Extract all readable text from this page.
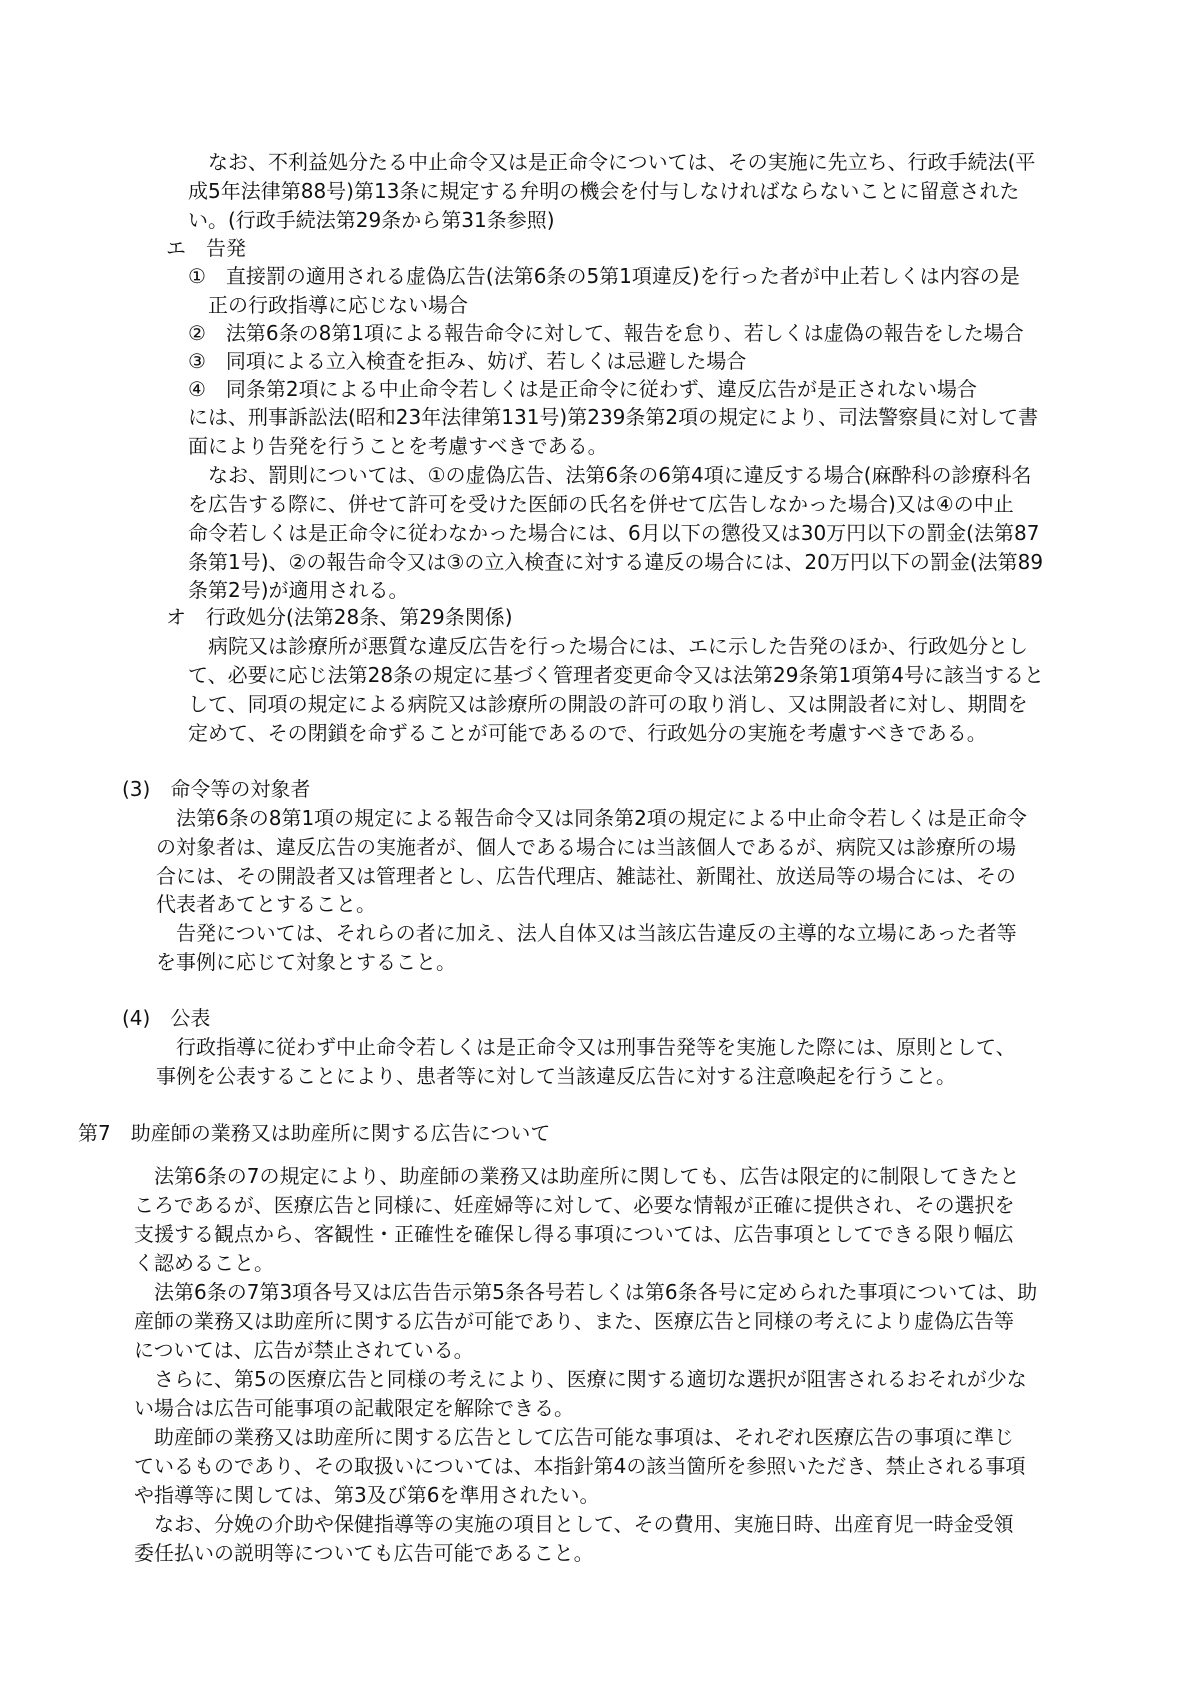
　なお、不利益処分たる中止命令又は是正命令については、その実施に先立ち、行政手続法(平

成5年法律第88号)第13条に規定する弁明の機会を付与しなければならないことに留意された

い。(行政手続法第29条から第31条参照)

エ　告発

①　直接罰の適用される虚偽広告(法第6条の5第1項違反)を行った者が中止若しくは内容の是

正の行政指導に応じない場合

②　法第6条の8第1項による報告命令に対して、報告を怠り、若しくは虚偽の報告をした場合

③　同項による立入検査を拒み、妨げ、若しくは忌避した場合

④　同条第2項による中止命令若しくは是正命令に従わず、違反広告が是正されない場合

には、刑事訴訟法(昭和23年法律第131号)第239条第2項の規定により、司法警察員に対して書

面により告発を行うことを考慮すべきである。

　なお、罰則については、①の虚偽広告、法第6条の6第4項に違反する場合(麻酔科の診療科名

を広告する際に、併せて許可を受けた医師の氏名を併せて広告しなかった場合)又は④の中止

命令若しくは是正命令に従わなかった場合には、6月以下の懲役又は30万円以下の罰金(法第87

条第1号)、②の報告命令又は③の立入検査に対する違反の場合には、20万円以下の罰金(法第89

条第2号)が適用される。

オ　行政処分(法第28条、第29条関係)

　病院又は診療所が悪質な違反広告を行った場合には、エに示した告発のほか、行政処分とし

て、必要に応じ法第28条の規定に基づく管理者変更命令又は法第29条第1項第4号に該当すると

して、同項の規定による病院又は診療所の開設の許可の取り消し、又は開設者に対し、期間を

定めて、その閉鎖を命ずることが可能であるので、行政処分の実施を考慮すべきである。

(3)　命令等の対象者

　法第6条の8第1項の規定による報告命令又は同条第2項の規定による中止命令若しくは是正命令

の対象者は、違反広告の実施者が、個人である場合には当該個人であるが、病院又は診療所の場

合には、その開設者又は管理者とし、広告代理店、雑誌社、新聞社、放送局等の場合には、その

代表者あてとすること。

　告発については、それらの者に加え、法人自体又は当該広告違反の主導的な立場にあった者等

を事例に応じて対象とすること。

(4)　公表

　行政指導に従わず中止命令若しくは是正命令又は刑事告発等を実施した際には、原則として、

事例を公表することにより、患者等に対して当該違反広告に対する注意喚起を行うこと。

第7　助産師の業務又は助産所に関する広告について

　法第6条の7の規定により、助産師の業務又は助産所に関しても、広告は限定的に制限してきたと

ころであるが、医療広告と同様に、妊産婦等に対して、必要な情報が正確に提供され、その選択を

支援する観点から、客観性・正確性を確保し得る事項については、広告事項としてできる限り幅広

く認めること。

　法第6条の7第3項各号又は広告告示第5条各号若しくは第6条各号に定められた事項については、助

産師の業務又は助産所に関する広告が可能であり、また、医療広告と同様の考えにより虚偽広告等

については、広告が禁止されている。

　さらに、第5の医療広告と同様の考えにより、医療に関する適切な選択が阻害されるおそれが少な

い場合は広告可能事項の記載限定を解除できる。

　助産師の業務又は助産所に関する広告として広告可能な事項は、それぞれ医療広告の事項に準じ

ているものであり、その取扱いについては、本指針第4の該当箇所を参照いただき、禁止される事項

や指導等に関しては、第3及び第6を準用されたい。

　なお、分娩の介助や保健指導等の実施の項目として、その費用、実施日時、出産育児一時金受領

委任払いの説明等についても広告可能であること。
